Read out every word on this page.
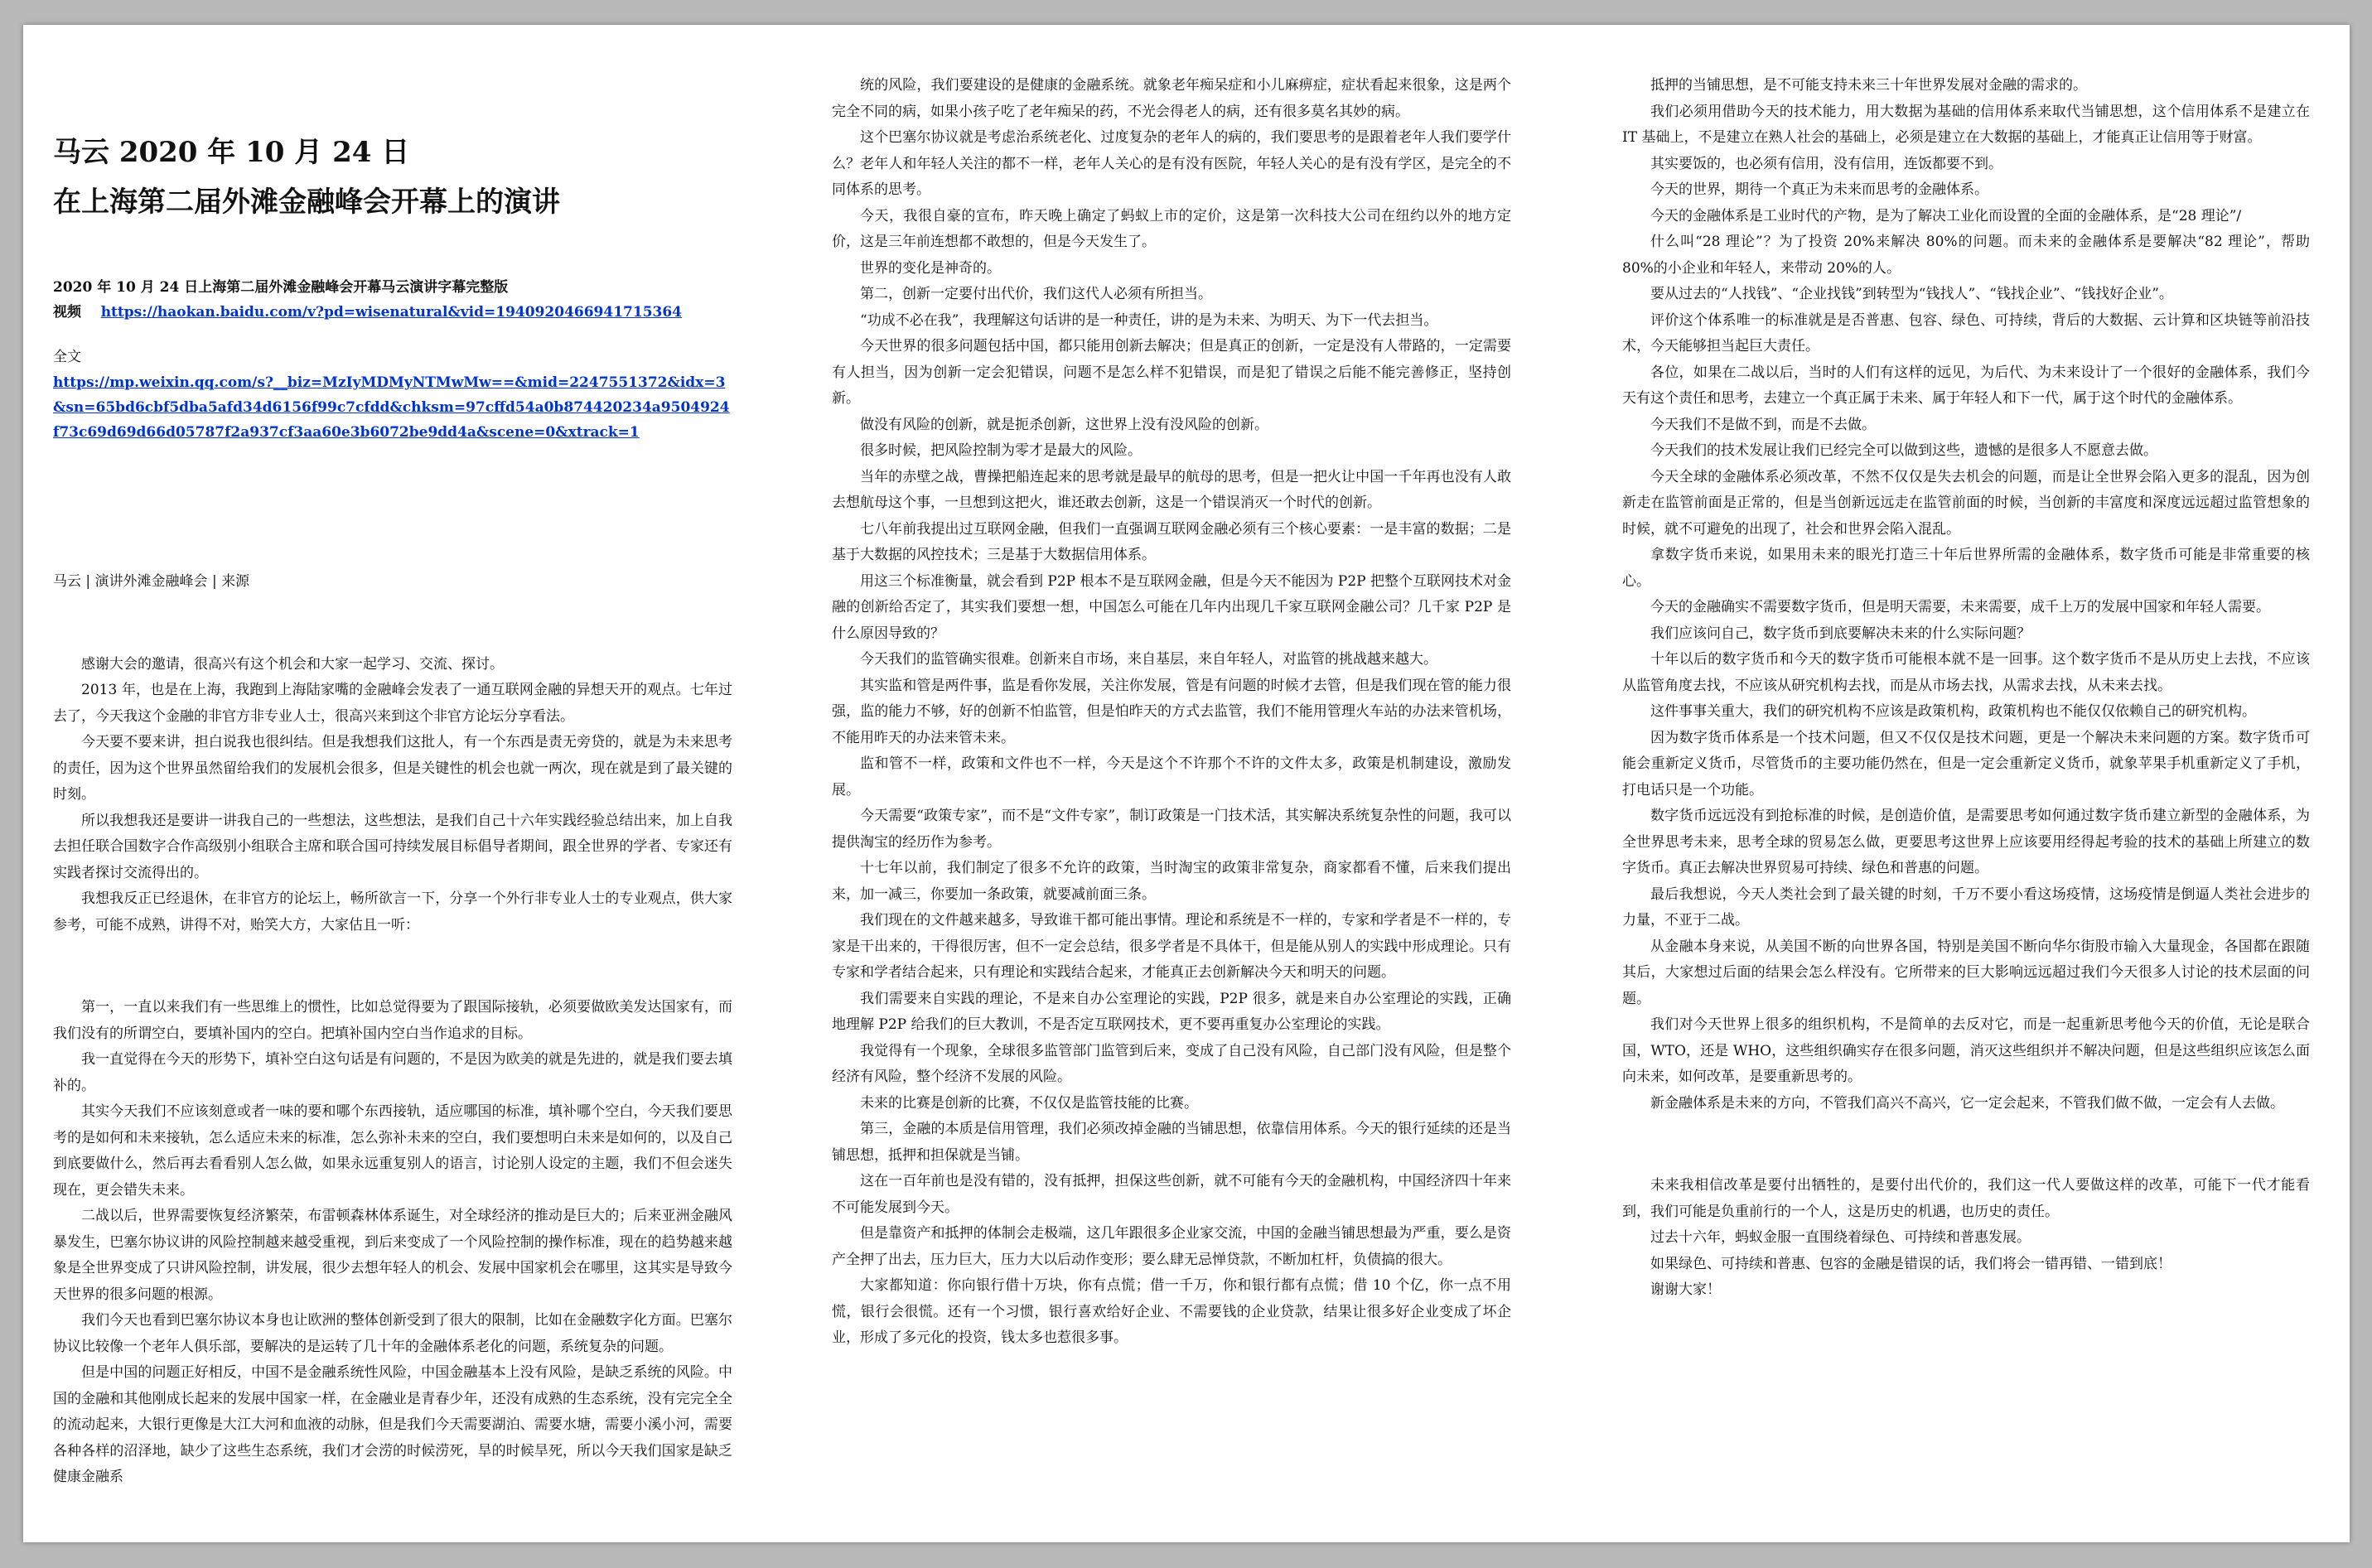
马云 2020 年 10 月 24 日
在上海第二届外滩金融峰会开幕上的演讲
2020 年 10 月 24 日上海第二届外滩金融峰会开幕马云演讲字幕完整版
视频 https://haokan.baidu.com/v?pd=wisenatural&vid=1940920466941715364
全文
https://mp.weixin.qq.com/s?__biz=MzIyMDMyNTMwMw==&mid=2247551372&idx=3&sn=65bd6cbf5dba5afd34d6156f99c7cfdd&chksm=97cffd54a0b874420234a9504924f73c69d69d66d05787f2a937cf3aa60e3b6072be9dd4a&scene=0&xtrack=1
马云 | 演讲外滩金融峰会 | 来源

感谢大会的邀请，很高兴有这个机会和大家一起学习、交流、探讨。

2013 年，也是在上海，我跑到上海陆家嘴的金融峰会发表了一通互联网金融的异想天开的观点。七年过去了，今天我这个金融的非官方非专业人士，很高兴来到这个非官方论坛分享看法。

今天要不要来讲，担白说我也很纠结。但是我想我们这批人，有一个东西是责无旁贷的，就是为未来思考的责任，因为这个世界虽然留给我们的发展机会很多，但是关键性的机会也就一两次，现在就是到了最关键的时刻。

所以我想我还是要讲一讲我自己的一些想法，这些想法，是我们自己十六年实践经验总结出来，加上自我去担任联合国数字合作高级别小组联合主席和联合国可持续发展目标倡导者期间，跟全世界的学者、专家还有实践者探讨交流得出的。

我想我反正已经退休，在非官方的论坛上，畅所欲言一下，分享一个外行非专业人士的专业观点，供大家参考，可能不成熟，讲得不对，贻笑大方，大家估且一听：

第一，一直以来我们有一些思维上的惯性，比如总觉得要为了跟国际接轨，必须要做欧美发达国家有，而我们没有的所谓空白，要填补国内的空白。把填补国内空白当作追求的目标。

我一直觉得在今天的形势下，填补空白这句话是有问题的，不是因为欧美的就是先进的，就是我们要去填补的。

其实今天我们不应该刻意或者一味的要和哪个东西接轨，适应哪国的标准，填补哪个空白，今天我们要思考的是如何和未来接轨，怎么适应未来的标准，怎么弥补未来的空白，我们要想明白未来是如何的，以及自己到底要做什么，然后再去看看别人怎么做，如果永远重复别人的语言，讨论别人设定的主题，我们不但会迷失现在，更会错失未来。

二战以后，世界需要恢复经济繁荣，布雷顿森林体系诞生，对全球经济的推动是巨大的；后来亚洲金融风暴发生，巴塞尔协议讲的风险控制越来越受重视，到后来变成了一个风险控制的操作标准，现在的趋势越来越象是全世界变成了只讲风险控制，讲发展，很少去想年轻人的机会、发展中国家机会在哪里，这其实是导致今天世界的很多问题的根源。

我们今天也看到巴塞尔协议本身也让欧洲的整体创新受到了很大的限制，比如在金融数字化方面。巴塞尔协议比较像一个老年人俱乐部，要解决的是运转了几十年的金融体系老化的问题，系统复杂的问题。

但是中国的问题正好相反，中国不是金融系统性风险，中国金融基本上没有风险，是缺乏系统的风险。中国的金融和其他刚成长起来的发展中国家一样，在金融业是青春少年，还没有成熟的生态系统，没有完完全全的流动起来，大银行更像是大江大河和血液的动脉，但是我们今天需要湖泊、需要水塘，需要小溪小河，需要各种各样的沼泽地，缺少了这些生态系统，我们才会涝的时候涝死，旱的时候旱死，所以今天我们国家是缺乏健康金融系

统的风险，我们要建设的是健康的金融系统。就象老年痴呆症和小儿麻痹症，症状看起来很象，这是两个完全不同的病，如果小孩子吃了老年痴呆的药，不光会得老人的病，还有很多莫名其妙的病。

这个巴塞尔协议就是考虑治系统老化、过度复杂的老年人的病的，我们要思考的是跟着老年人我们要学什么？老年人和年轻人关注的都不一样，老年人关心的是有没有医院，年轻人关心的是有没有学区，是完全的不同体系的思考。

今天，我很自豪的宣布，昨天晚上确定了蚂蚁上市的定价，这是第一次科技大公司在纽约以外的地方定价，这是三年前连想都不敢想的，但是今天发生了。

世界的变化是神奇的。

第二，创新一定要付出代价，我们这代人必须有所担当。

“功成不必在我”，我理解这句话讲的是一种责任，讲的是为未来、为明天、为下一代去担当。

今天世界的很多问题包括中国，都只能用创新去解决；但是真正的创新，一定是没有人带路的，一定需要有人担当，因为创新一定会犯错误，问题不是怎么样不犯错误，而是犯了错误之后能不能完善修正，坚持创新。

做没有风险的创新，就是扼杀创新，这世界上没有没风险的创新。

很多时候，把风险控制为零才是最大的风险。

当年的赤壁之战，曹操把船连起来的思考就是最早的航母的思考，但是一把火让中国一千年再也没有人敢去想航母这个事，一旦想到这把火，谁还敢去创新，这是一个错误消灭一个时代的创新。

七八年前我提出过互联网金融，但我们一直强调互联网金融必须有三个核心要素：一是丰富的数据；二是基于大数据的风控技术；三是基于大数据信用体系。

用这三个标准衡量，就会看到 P2P 根本不是互联网金融，但是今天不能因为 P2P 把整个互联网技术对金融的创新给否定了，其实我们要想一想，中国怎么可能在几年内出现几千家互联网金融公司？几千家 P2P 是什么原因导致的？

今天我们的监管确实很难。创新来自市场，来自基层，来自年轻人，对监管的挑战越来越大。

其实监和管是两件事，监是看你发展，关注你发展，管是有问题的时候才去管，但是我们现在管的能力很强，监的能力不够，好的创新不怕监管，但是怕昨天的方式去监管，我们不能用管理火车站的办法来管机场，不能用昨天的办法来管未来。

监和管不一样，政策和文件也不一样，今天是这个不许那个不许的文件太多，政策是机制建设，激励发展。

今天需要“政策专家”，而不是“文件专家”，制订政策是一门技术活，其实解决系统复杂性的问题，我可以提供淘宝的经历作为参考。

十七年以前，我们制定了很多不允许的政策，当时淘宝的政策非常复杂，商家都看不懂，后来我们提出来，加一减三，你要加一条政策，就要减前面三条。

我们现在的文件越来越多，导致谁干都可能出事情。理论和系统是不一样的，专家和学者是不一样的，专家是干出来的，干得很厉害，但不一定会总结，很多学者是不具体干，但是能从别人的实践中形成理论。只有专家和学者结合起来，只有理论和实践结合起来，才能真正去创新解决今天和明天的问题。

我们需要来自实践的理论，不是来自办公室理论的实践，P2P 很多，就是来自办公室理论的实践，正确地理解 P2P 给我们的巨大教训，不是否定互联网技术，更不要再重复办公室理论的实践。

我觉得有一个现象，全球很多监管部门监管到后来，变成了自己没有风险，自己部门没有风险，但是整个经济有风险，整个经济不发展的风险。

未来的比赛是创新的比赛，不仅仅是监管技能的比赛。

第三，金融的本质是信用管理，我们必须改掉金融的当铺思想，依靠信用体系。今天的银行延续的还是当铺思想，抵押和担保就是当铺。

这在一百年前也是没有错的，没有抵押，担保这些创新，就不可能有今天的金融机构，中国经济四十年来不可能发展到今天。

但是靠资产和抵押的体制会走极端，这几年跟很多企业家交流，中国的金融当铺思想最为严重，要么是资产全押了出去，压力巨大，压力大以后动作变形；要么肆无忌惮贷款，不断加杠杆，负债搞的很大。

大家都知道：你向银行借十万块，你有点慌；借一千万，你和银行都有点慌；借 10 个亿，你一点不用慌，银行会很慌。还有一个习惯，银行喜欢给好企业、不需要钱的企业贷款，结果让很多好企业变成了坏企业，形成了多元化的投资，钱太多也惹很多事。

抵押的当铺思想，是不可能支持未来三十年世界发展对金融的需求的。

我们必须用借助今天的技术能力，用大数据为基础的信用体系来取代当铺思想，这个信用体系不是建立在 IT 基础上，不是建立在熟人社会的基础上，必须是建立在大数据的基础上，才能真正让信用等于财富。

其实要饭的，也必须有信用，没有信用，连饭都要不到。

今天的世界，期待一个真正为未来而思考的金融体系。

今天的金融体系是工业时代的产物，是为了解决工业化而设置的全面的金融体系，是“28 理论”/

什么叫“28 理论”？为了投资 20%来解决 80%的问题。而未来的金融体系是要解决“82 理论”，帮助 80%的小企业和年轻人，来带动 20%的人。

要从过去的“人找钱”、“企业找钱”到转型为“钱找人”、“钱找企业”、“钱找好企业”。

评价这个体系唯一的标准就是是否普惠、包容、绿色、可持续，背后的大数据、云计算和区块链等前沿技术，今天能够担当起巨大责任。

各位，如果在二战以后，当时的人们有这样的远见，为后代、为未来设计了一个很好的金融体系，我们今天有这个责任和思考，去建立一个真正属于未来、属于年轻人和下一代，属于这个时代的金融体系。

今天我们不是做不到，而是不去做。

今天我们的技术发展让我们已经完全可以做到这些，遗憾的是很多人不愿意去做。

今天全球的金融体系必须改革，不然不仅仅是失去机会的问题，而是让全世界会陷入更多的混乱，因为创新走在监管前面是正常的，但是当创新远远走在监管前面的时候，当创新的丰富度和深度远远超过监管想象的时候，就不可避免的出现了，社会和世界会陷入混乱。

拿数字货币来说，如果用未来的眼光打造三十年后世界所需的金融体系，数字货币可能是非常重要的核心。

今天的金融确实不需要数字货币，但是明天需要，未来需要，成千上万的发展中国家和年轻人需要。

我们应该问自己，数字货币到底要解决未来的什么实际问题？

十年以后的数字货币和今天的数字货币可能根本就不是一回事。这个数字货币不是从历史上去找，不应该从监管角度去找，不应该从研究机构去找，而是从市场去找，从需求去找，从未来去找。

这件事事关重大，我们的研究机构不应该是政策机构，政策机构也不能仅仅依赖自己的研究机构。

因为数字货币体系是一个技术问题，但又不仅仅是技术问题，更是一个解决未来问题的方案。数字货币可能会重新定义货币，尽管货币的主要功能仍然在，但是一定会重新定义货币，就象苹果手机重新定义了手机，打电话只是一个功能。

数字货币远远没有到抢标准的时候，是创造价值，是需要思考如何通过数字货币建立新型的金融体系，为全世界思考未来，思考全球的贸易怎么做，更要思考这世界上应该要用经得起考验的技术的基础上所建立的数字货币。真正去解决世界贸易可持续、绿色和普惠的问题。

最后我想说，今天人类社会到了最关键的时刻，千万不要小看这场疫情，这场疫情是倒逼人类社会进步的力量，不亚于二战。

从金融本身来说，从美国不断的向世界各国，特别是美国不断向华尔街股市输入大量现金，各国都在跟随其后，大家想过后面的结果会怎么样没有。它所带来的巨大影响远远超过我们今天很多人讨论的技术层面的问题。

我们对今天世界上很多的组织机构，不是简单的去反对它，而是一起重新思考他今天的价值，无论是联合国，WTO，还是 WHO，这些组织确实存在很多问题，消灭这些组织并不解决问题，但是这些组织应该怎么面向未来，如何改革，是要重新思考的。

新金融体系是未来的方向，不管我们高兴不高兴，它一定会起来，不管我们做不做，一定会有人去做。

未来我相信改革是要付出牺牲的，是要付出代价的，我们这一代人要做这样的改革，可能下一代才能看到，我们可能是负重前行的一个人，这是历史的机遇，也历史的责任。

过去十六年，蚂蚁金服一直围绕着绿色、可持续和普惠发展。

如果绿色、可持续和普惠、包容的金融是错误的话，我们将会一错再错、一错到底！

谢谢大家！
